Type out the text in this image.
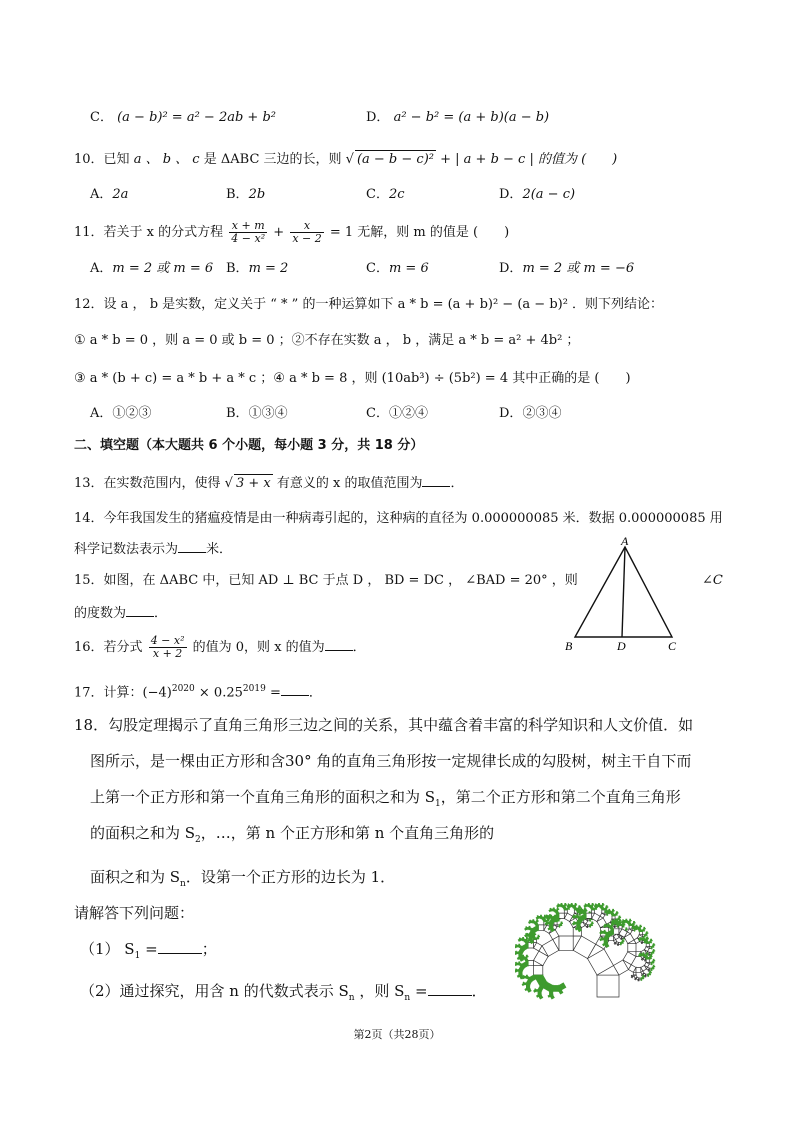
C． (a − b)² = a² − 2ab + b²	D． a² − b² = (a + b)(a − b)
10．已知 a 、 b 、 c 是 ΔABC 三边的长，则 √ (a − b − c)² + | a + b − c | 的值为 (　　)
A．2a	B．2b	C．2c	D．2(a − c)
11．若关于 x 的分式方程 $\frac{x + m}{\text{4 − x²}} + \frac{x}{x - 2} = 1$ 无解，则 m 的值是 (　　)
A．m = 2 或 m = 6 B．m = 2	C．m = 6	D．m = 2 或 m = −6
12．设 a ， b 是实数，定义关于 “ * ” 的一种运算如下 a * b = (a + b)² − (a − b)² ．则下列结论：
① a * b = 0 ，则 a = 0 或 b = 0 ；②不存在实数 a ， b ，满足 a * b = a² + 4b² ；
③ a * (b + c) = a * b + a * c ；④ a * b = 8 ，则 (10ab³) ÷ (5b²) = 4 其中正确的是 (　　)
A．①②③	B．①③④	C．①②④	D．②③④
二、填空题（本大题共 6 个小题，每小题 3 分，共 18 分）
13．在实数范围内，使得 √ 3 + x 有意义的 x 的取值范围为 ．
14．今年我国发生的猪瘟疫情是由一种病毒引起的，这种病的直径为 0.000000085 米．数据 0.000000085 用
科学记数法表示为 米．
15．如图，在 ΔABC 中，已知 AD ⊥ BC 于点 D ， BD = DC ， ∠BAD = 20° ，则	∠C
的度数为 ．
A
B	D	C
16．若分式 $\frac{\text{4 − x²}}{x + 2}$ 的值为 0，则 x 的值为 ．
17．计算：$(-4)^{2020} \times 0.25^{2019}$ = ．
18．勾股定理揭示了直角三角形三边之间的关系，其中蕴含着丰富的科学知识和人文价值．如
图所示，是一棵由正方形和含30° 角的直角三角形按一定规律长成的勾股树，树主干自下而
上第一个正方形和第一个直角三角形的面积之和为 $S_1$，第二个正方形和第二个直角三角形
的面积之和为 $S_2$，…，第 n 个正方形和第 n 个直角三角形的
面积之和为 $S_n$．设第一个正方形的边长为 1．
请解答下列问题：
（1） $S_1$ =	；
（2）通过探究，用含 n 的代数式表示 $S_n$ ，则 $S_n$ =	．
第2页（共28页）
